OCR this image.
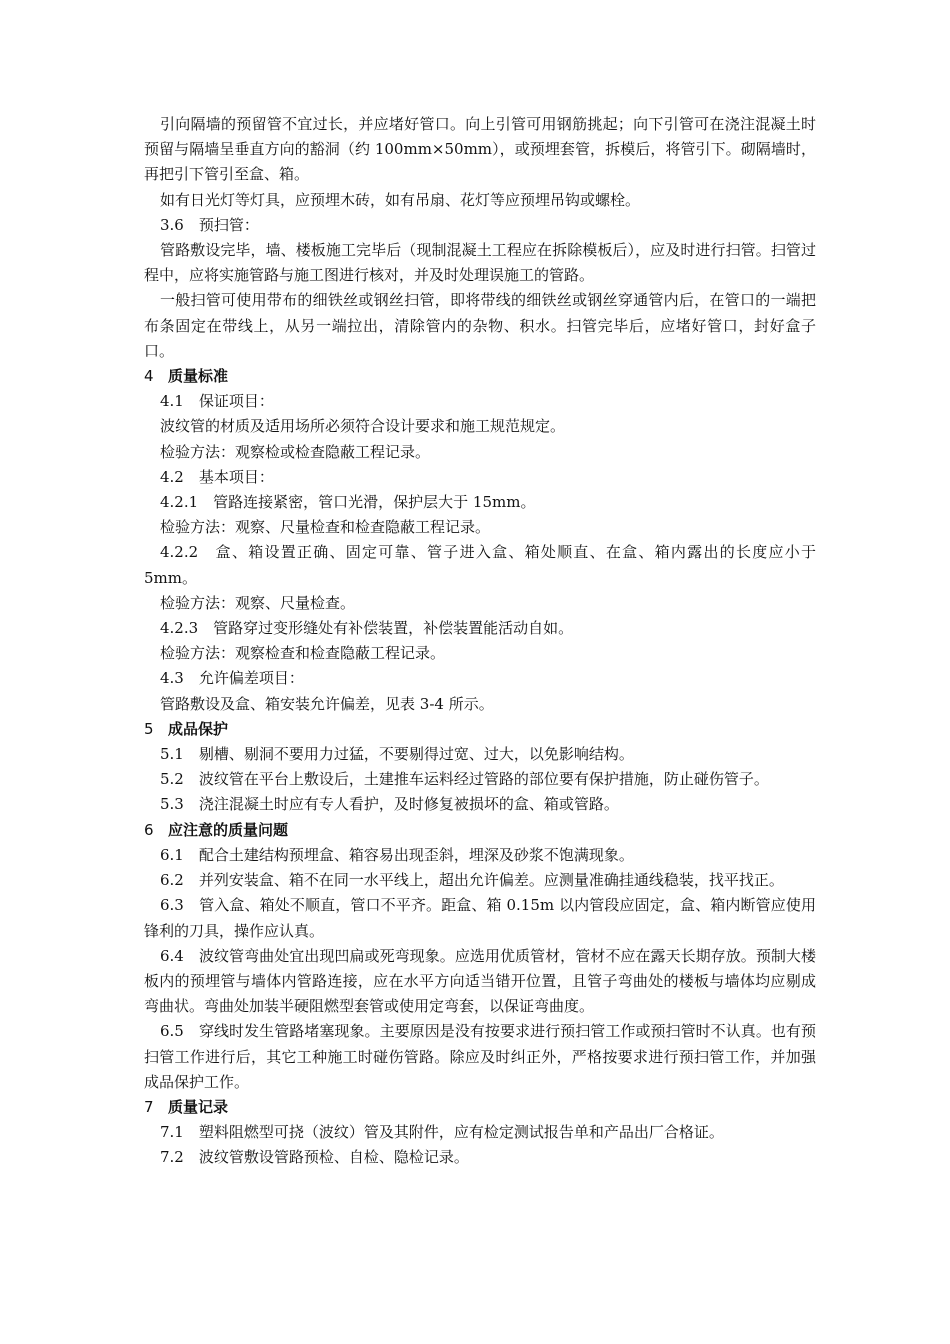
引向隔墙的预留管不宜过长，并应堵好管口。向上引管可用钢筋挑起；向下引管可在浇注混凝土时预留与隔墙呈垂直方向的豁洞（约 100mm×50mm），或预埋套管，拆模后，将管引下。砌隔墙时，再把引下管引至盒、箱。

如有日光灯等灯具，应预埋木砖，如有吊扇、花灯等应预埋吊钩或螺栓。

3.6　预扫管：

管路敷设完毕，墙、楼板施工完毕后（现制混凝土工程应在拆除模板后），应及时进行扫管。扫管过程中，应将实施管路与施工图进行核对，并及时处理误施工的管路。

一般扫管可使用带布的细铁丝或钢丝扫管，即将带线的细铁丝或钢丝穿通管内后，在管口的一端把布条固定在带线上，从另一端拉出，清除管内的杂物、积水。扫管完毕后，应堵好管口，封好盒子口。

4 质量标准

4.1　保证项目：

波纹管的材质及适用场所必须符合设计要求和施工规范规定。

检验方法：观察检或检查隐蔽工程记录。

4.2　基本项目：

4.2.1　管路连接紧密，管口光滑，保护层大于 15mm。

检验方法：观察、尺量检查和检查隐蔽工程记录。

4.2.2　盒、箱设置正确、固定可靠、管子进入盒、箱处顺直、在盒、箱内露出的长度应小于5mm。

检验方法：观察、尺量检查。

4.2.3　管路穿过变形缝处有补偿装置，补偿装置能活动自如。

检验方法：观察检查和检查隐蔽工程记录。

4.3　允许偏差项目：

管路敷设及盒、箱安装允许偏差，见表 3-4 所示。

5 成品保护

5.1　剔槽、剔洞不要用力过猛，不要剔得过宽、过大，以免影响结构。

5.2　波纹管在平台上敷设后，土建推车运料经过管路的部位要有保护措施，防止碰伤管子。

5.3　浇注混凝土时应有专人看护，及时修复被损坏的盒、箱或管路。

6 应注意的质量问题

6.1　配合土建结构预埋盒、箱容易出现歪斜，埋深及砂浆不饱满现象。

6.2　并列安装盒、箱不在同一水平线上，超出允许偏差。应测量准确挂通线稳装，找平找正。

6.3　管入盒、箱处不顺直，管口不平齐。距盒、箱 0.15m 以内管段应固定，盒、箱内断管应使用锋利的刀具，操作应认真。

6.4　波纹管弯曲处宜出现凹扁或死弯现象。应选用优质管材，管材不应在露天长期存放。预制大楼板内的预埋管与墙体内管路连接，应在水平方向适当错开位置，且管子弯曲处的楼板与墙体均应剔成弯曲状。弯曲处加装半硬阻燃型套管或使用定弯套，以保证弯曲度。

6.5　穿线时发生管路堵塞现象。主要原因是没有按要求进行预扫管工作或预扫管时不认真。也有预扫管工作进行后，其它工种施工时碰伤管路。除应及时纠正外，严格按要求进行预扫管工作，并加强成品保护工作。

7 质量记录

7.1　塑料阻燃型可挠（波纹）管及其附件，应有检定测试报告单和产品出厂合格证。

7.2　波纹管敷设管路预检、自检、隐检记录。
